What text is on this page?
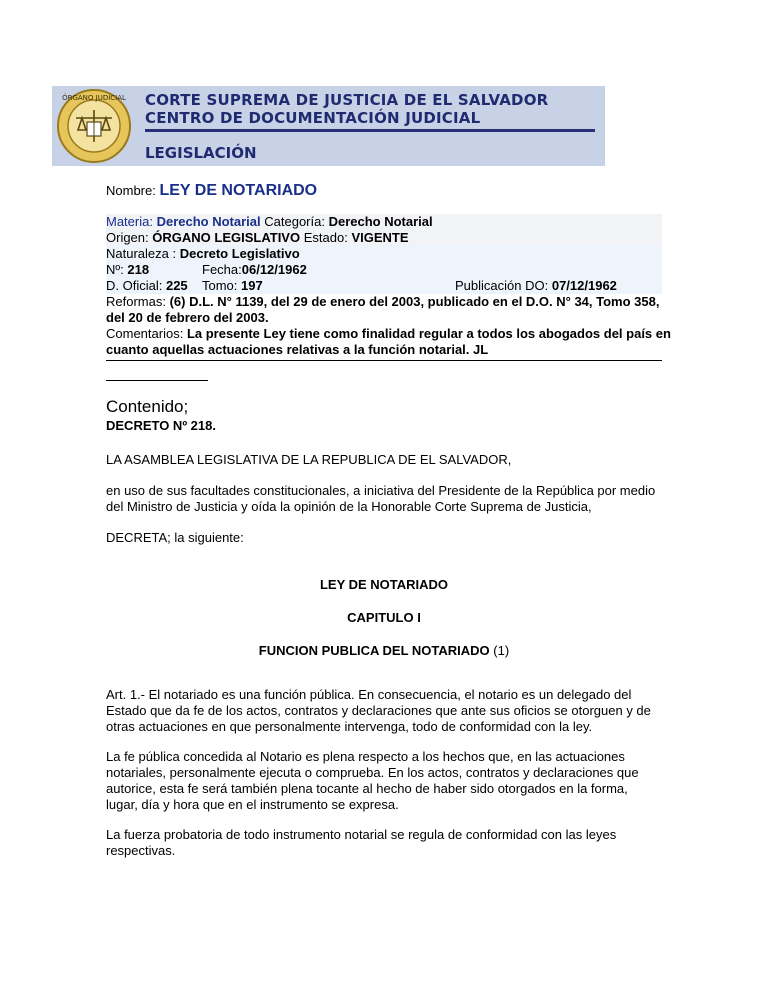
ÓRGANO JUDICIAL CORTE SUPREMA DE JUSTICIA DE EL SALVADOR
CENTRO DE DOCUMENTACIÓN JUDICIAL
LEGISLACIÓN
Nombre: LEY DE NOTARIADO
Materia: Derecho Notarial Categoría: Derecho Notarial
Origen: ÓRGANO LEGISLATIVO Estado: VIGENTE
Naturaleza : Decreto Legislativo
Nº: 218	Fecha:06/12/1962
D. Oficial: 225 Tomo: 197	Publicación DO: 07/12/1962
Reformas: (6) D.L. N° 1139, del 29 de enero del 2003, publicado en el D.O. N° 34, Tomo 358,
del 20 de febrero del 2003.
Comentarios: La presente Ley tiene como finalidad regular a todos los abogados del país en
cuanto aquellas actuaciones relativas a la función notarial. JL
Contenido;
DECRETO Nº 218.

LA ASAMBLEA LEGISLATIVA DE LA REPUBLICA DE EL SALVADOR,

en uso de sus facultades constitucionales, a iniciativa del Presidente de la República por medio del Ministro de Justicia y oída la opinión de la Honorable Corte Suprema de Justicia,

DECRETA; la siguiente:

LEY DE NOTARIADO
CAPITULO I
FUNCION PUBLICA DEL NOTARIADO (1)

Art. 1.- El notariado es una función pública. En consecuencia, el notario es un delegado del Estado que da fe de los actos, contratos y declaraciones que ante sus oficios se otorguen y de otras actuaciones en que personalmente intervenga, todo de conformidad con la ley.

La fe pública concedida al Notario es plena respecto a los hechos que, en las actuaciones notariales, personalmente ejecuta o comprueba. En los actos, contratos y declaraciones que autorice, esta fe será también plena tocante al hecho de haber sido otorgados en la forma, lugar, día y hora que en el instrumento se expresa.

La fuerza probatoria de todo instrumento notarial se regula de conformidad con las leyes respectivas.
